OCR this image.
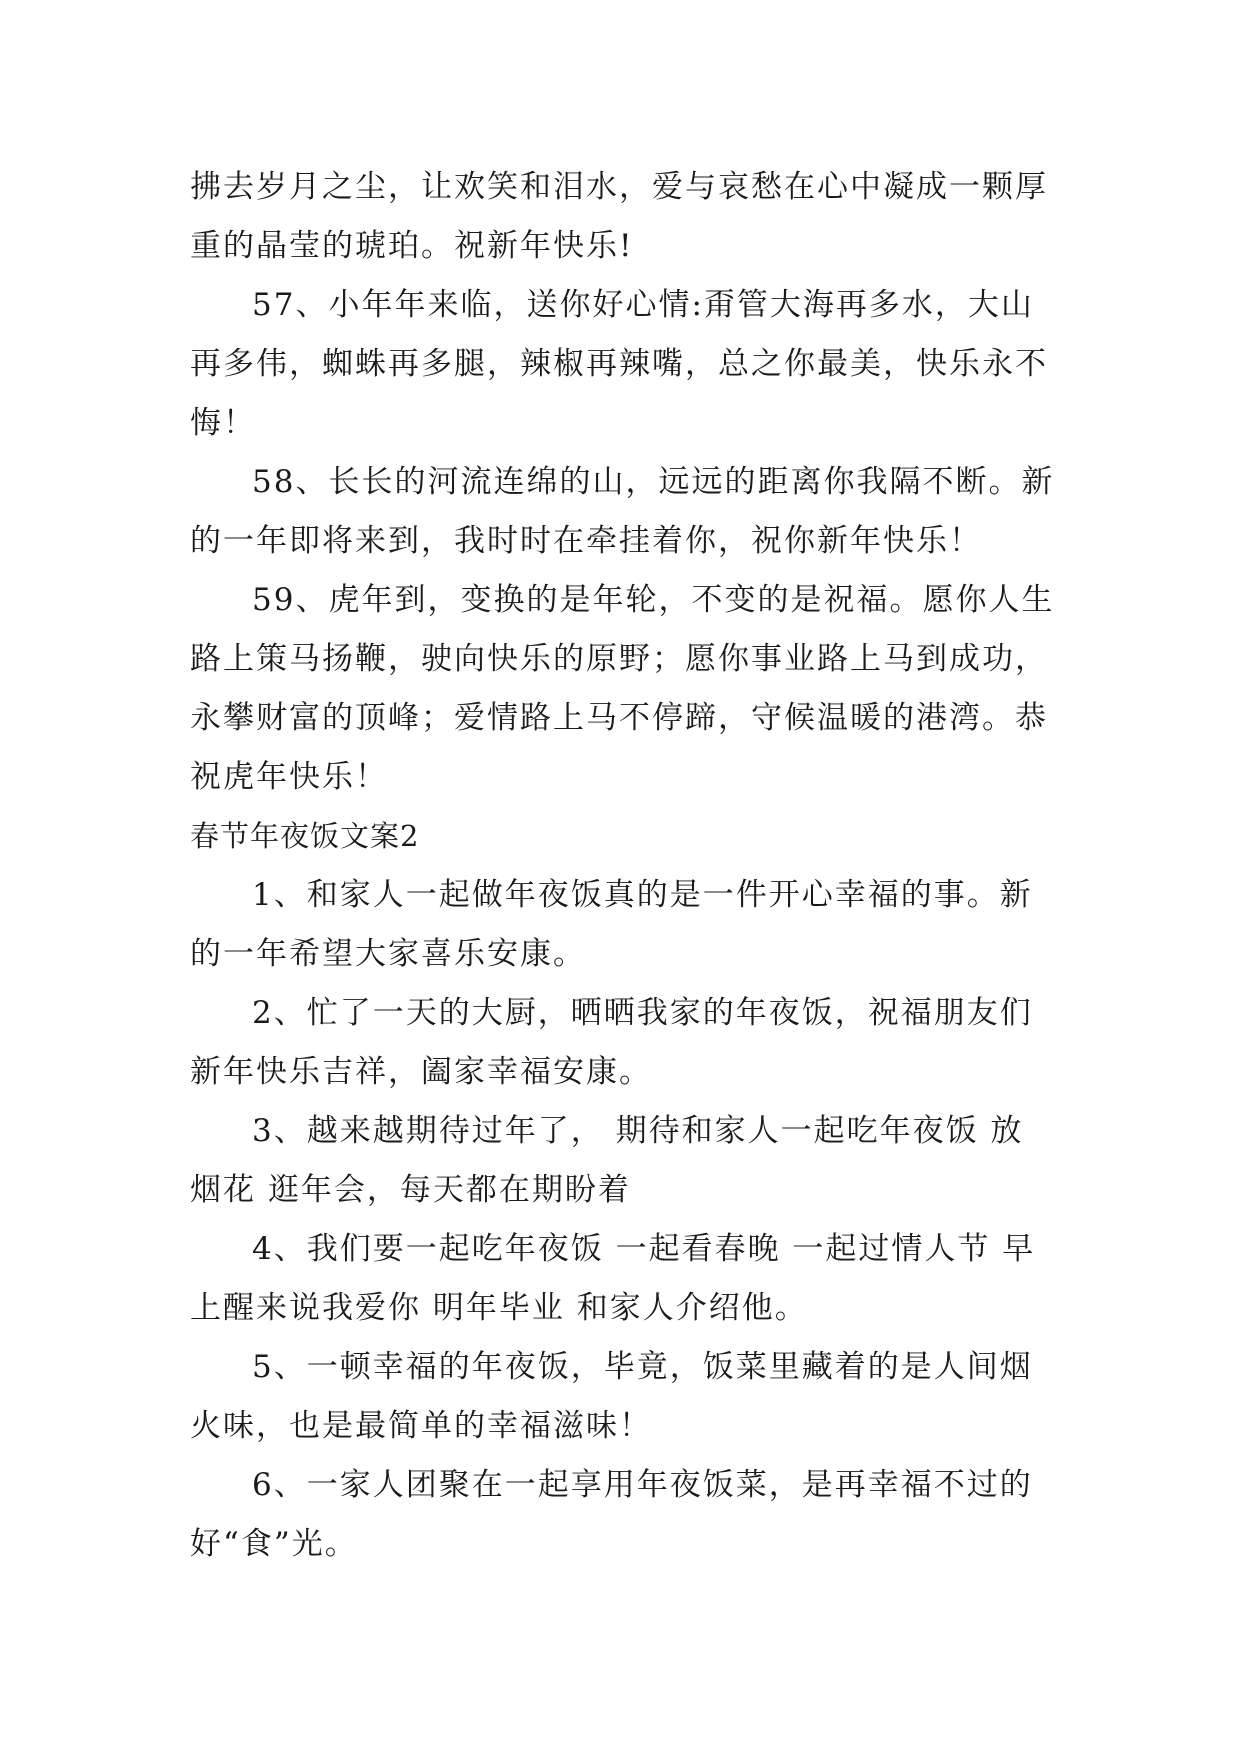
拂去岁月之尘，让欢笑和泪水，爱与哀愁在心中凝成一颗厚
重的晶莹的琥珀。祝新年快乐!
57、小年年来临，送你好心情:甭管大海再多水，大山
再多伟，蜘蛛再多腿，辣椒再辣嘴，总之你最美，快乐永不
悔！
58、长长的河流连绵的山，远远的距离你我隔不断。新
的一年即将来到，我时时在牵挂着你，祝你新年快乐！
59、虎年到，变换的是年轮，不变的是祝福。愿你人生
路上策马扬鞭，驶向快乐的原野；愿你事业路上马到成功，
永攀财富的顶峰；爱情路上马不停蹄，守候温暖的港湾。恭
祝虎年快乐！
春节年夜饭文案2
1、和家人一起做年夜饭真的是一件开心幸福的事。新
的一年希望大家喜乐安康。
2、忙了一天的大厨，晒晒我家的年夜饭，祝福朋友们
新年快乐吉祥，阖家幸福安康。
3、越来越期待过年了， 期待和家人一起吃年夜饭 放
烟花 逛年会，每天都在期盼着
4、我们要一起吃年夜饭 一起看春晚 一起过情人节 早
上醒来说我爱你 明年毕业 和家人介绍他。
5、一顿幸福的年夜饭，毕竟，饭菜里藏着的是人间烟
火味，也是最简单的幸福滋味！
6、一家人团聚在一起享用年夜饭菜，是再幸福不过的
好“食”光。
